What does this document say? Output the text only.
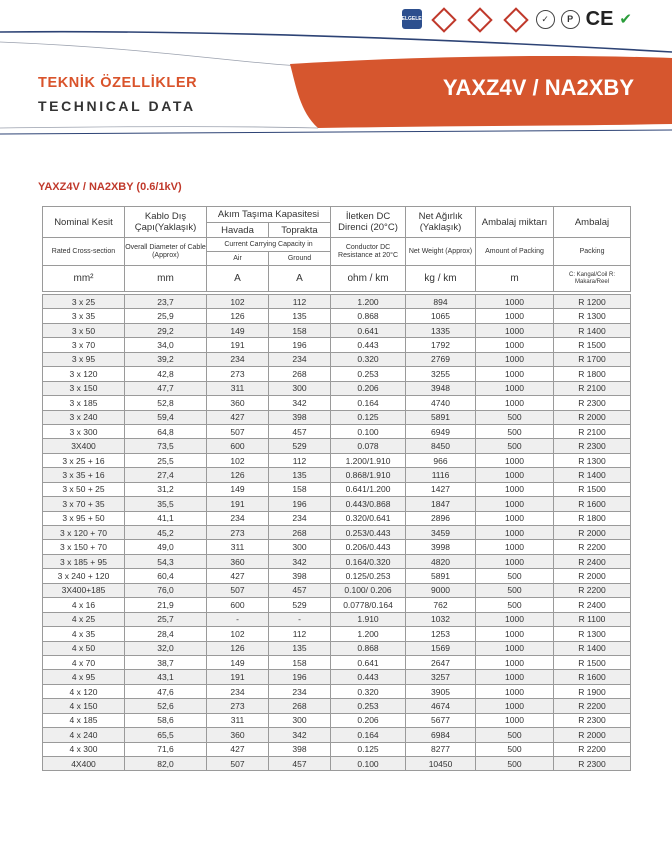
BELGELER	✓	P CE ✔
TEKNİK ÖZELLİKLER
TECHNICAL DATA
YAXZ4V / NA2XBY
YAXZ4V / NA2XBY (0.6/1kV)
Nominal Kesit	Kablo Dış Çapı(Yaklaşık)	Akım Taşıma Kapasitesi		İletken DC Direnci (20°C)	Net Ağırlık (Yaklaşık)	Ambalaj miktarı	Ambalaj
		Havada	Toprakta				
Rated Cross-section	Overall Diameter of Cable (Approx)	Current Carrying Capacity in		Conductor DC Resistance at 20°C	Net Weight (Approx)	Amount of Packing	Packing
		Air	Ground				
mm²	mm	A	A	ohm / km	kg / km	m	C: Kangal/Coil R: Makara/Reel

3 x 25	23,7	102	112	1.200	894	1000	R 1200
3 x 35	25,9	126	135	0.868	1065	1000	R 1300
3 x 50	29,2	149	158	0.641	1335	1000	R 1400
3 x 70	34,0	191	196	0.443	1792	1000	R 1500
3 x 95	39,2	234	234	0.320	2769	1000	R 1700
3 x 120	42,8	273	268	0.253	3255	1000	R 1800
3 x 150	47,7	311	300	0.206	3948	1000	R 2100
3 x 185	52,8	360	342	0.164	4740	1000	R 2300
3 x 240	59,4	427	398	0.125	5891	500	R 2000
3 x 300	64,8	507	457	0.100	6949	500	R 2100
3X400	73,5	600	529	0.078	8450	500	R 2300
3 x 25 + 16	25,5	102	112	1.200/1.910	966	1000	R 1300
3 x 35 + 16	27,4	126	135	0.868/1.910	1116	1000	R 1400
3 x 50 + 25	31,2	149	158	0.641/1.200	1427	1000	R 1500
3 x 70 + 35	35,5	191	196	0.443/0.868	1847	1000	R 1600
3 x 95 + 50	41,1	234	234	0.320/0.641	2896	1000	R 1800
3 x 120 + 70	45,2	273	268	0.253/0.443	3459	1000	R 2000
3 x 150 + 70	49,0	311	300	0.206/0.443	3998	1000	R 2200
3 x 185 + 95	54,3	360	342	0.164/0.320	4820	1000	R 2400
3 x 240 + 120	60,4	427	398	0.125/0.253	5891	500	R 2000
3X400+185	76,0	507	457	0.100/ 0.206	9000	500	R 2200
4 x 16	21,9	600	529	0.0778/0.164	762	500	R 2400
4 x 25	25,7	-	-	1.910	1032	1000	R 1100
4 x 35	28,4	102	112	1.200	1253	1000	R 1300
4 x 50	32,0	126	135	0.868	1569	1000	R 1400
4 x 70	38,7	149	158	0.641	2647	1000	R 1500
4 x 95	43,1	191	196	0.443	3257	1000	R 1600
4 x 120	47,6	234	234	0.320	3905	1000	R 1900
4 x 150	52,6	273	268	0.253	4674	1000	R 2200
4 x 185	58,6	311	300	0.206	5677	1000	R 2300
4 x 240	65,5	360	342	0.164	6984	500	R 2000
4 x 300	71,6	427	398	0.125	8277	500	R 2200
4X400	82,0	507	457	0.100	10450	500	R 2300
